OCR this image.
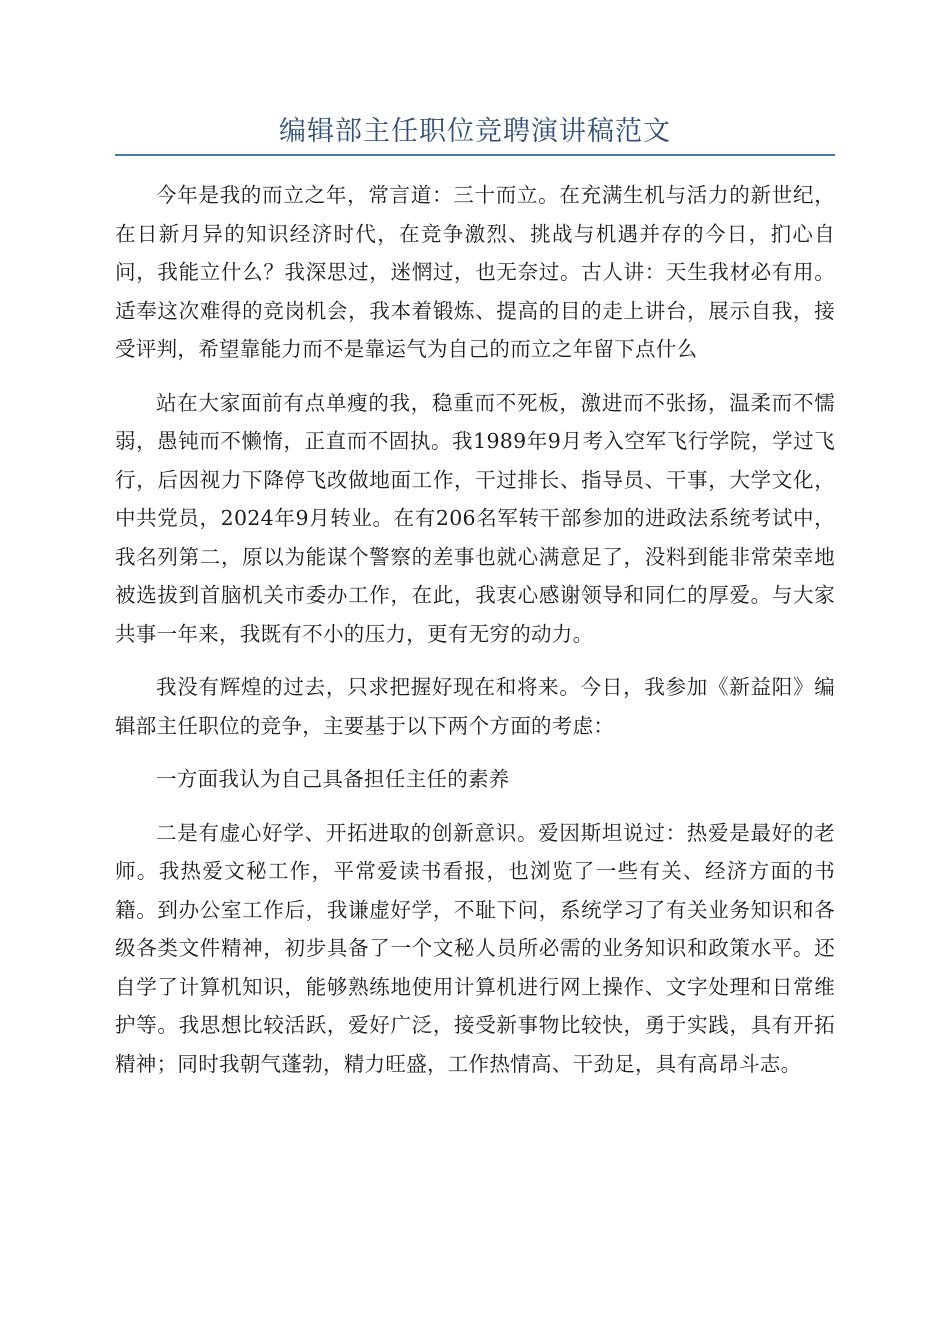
编辑部主任职位竞聘演讲稿范文

今年是我的而立之年，常言道：三十而立。在充满生机与活力的新世纪，在日新月异的知识经济时代，在竞争激烈、挑战与机遇并存的今日，扪心自问，我能立什么？我深思过，迷惘过，也无奈过。古人讲：天生我材必有用。适奉这次难得的竞岗机会，我本着锻炼、提高的目的走上讲台，展示自我，接受评判，希望靠能力而不是靠运气为自己的而立之年留下点什么

站在大家面前有点单瘦的我，稳重而不死板，激进而不张扬，温柔而不懦弱，愚钝而不懒惰，正直而不固执。我1989年9月考入空军飞行学院，学过飞行，后因视力下降停飞改做地面工作，干过排长、指导员、干事，大学文化，中共党员，2024年9月转业。在有206名军转干部参加的进政法系统考试中，我名列第二，原以为能谋个警察的差事也就心满意足了，没料到能非常荣幸地被选拔到首脑机关市委办工作，在此，我衷心感谢领导和同仁的厚爱。与大家共事一年来，我既有不小的压力，更有无穷的动力。

我没有辉煌的过去，只求把握好现在和将来。今日，我参加《新益阳》编辑部主任职位的竞争，主要基于以下两个方面的考虑：

一方面我认为自己具备担任主任的素养

二是有虚心好学、开拓进取的创新意识。爱因斯坦说过：热爱是最好的老师。我热爱文秘工作，平常爱读书看报，也浏览了一些有关、经济方面的书籍。到办公室工作后，我谦虚好学，不耻下问，系统学习了有关业务知识和各级各类文件精神，初步具备了一个文秘人员所必需的业务知识和政策水平。还自学了计算机知识，能够熟练地使用计算机进行网上操作、文字处理和日常维护等。我思想比较活跃，爱好广泛，接受新事物比较快，勇于实践，具有开拓精神；同时我朝气蓬勃，精力旺盛，工作热情高、干劲足，具有高昂斗志。
